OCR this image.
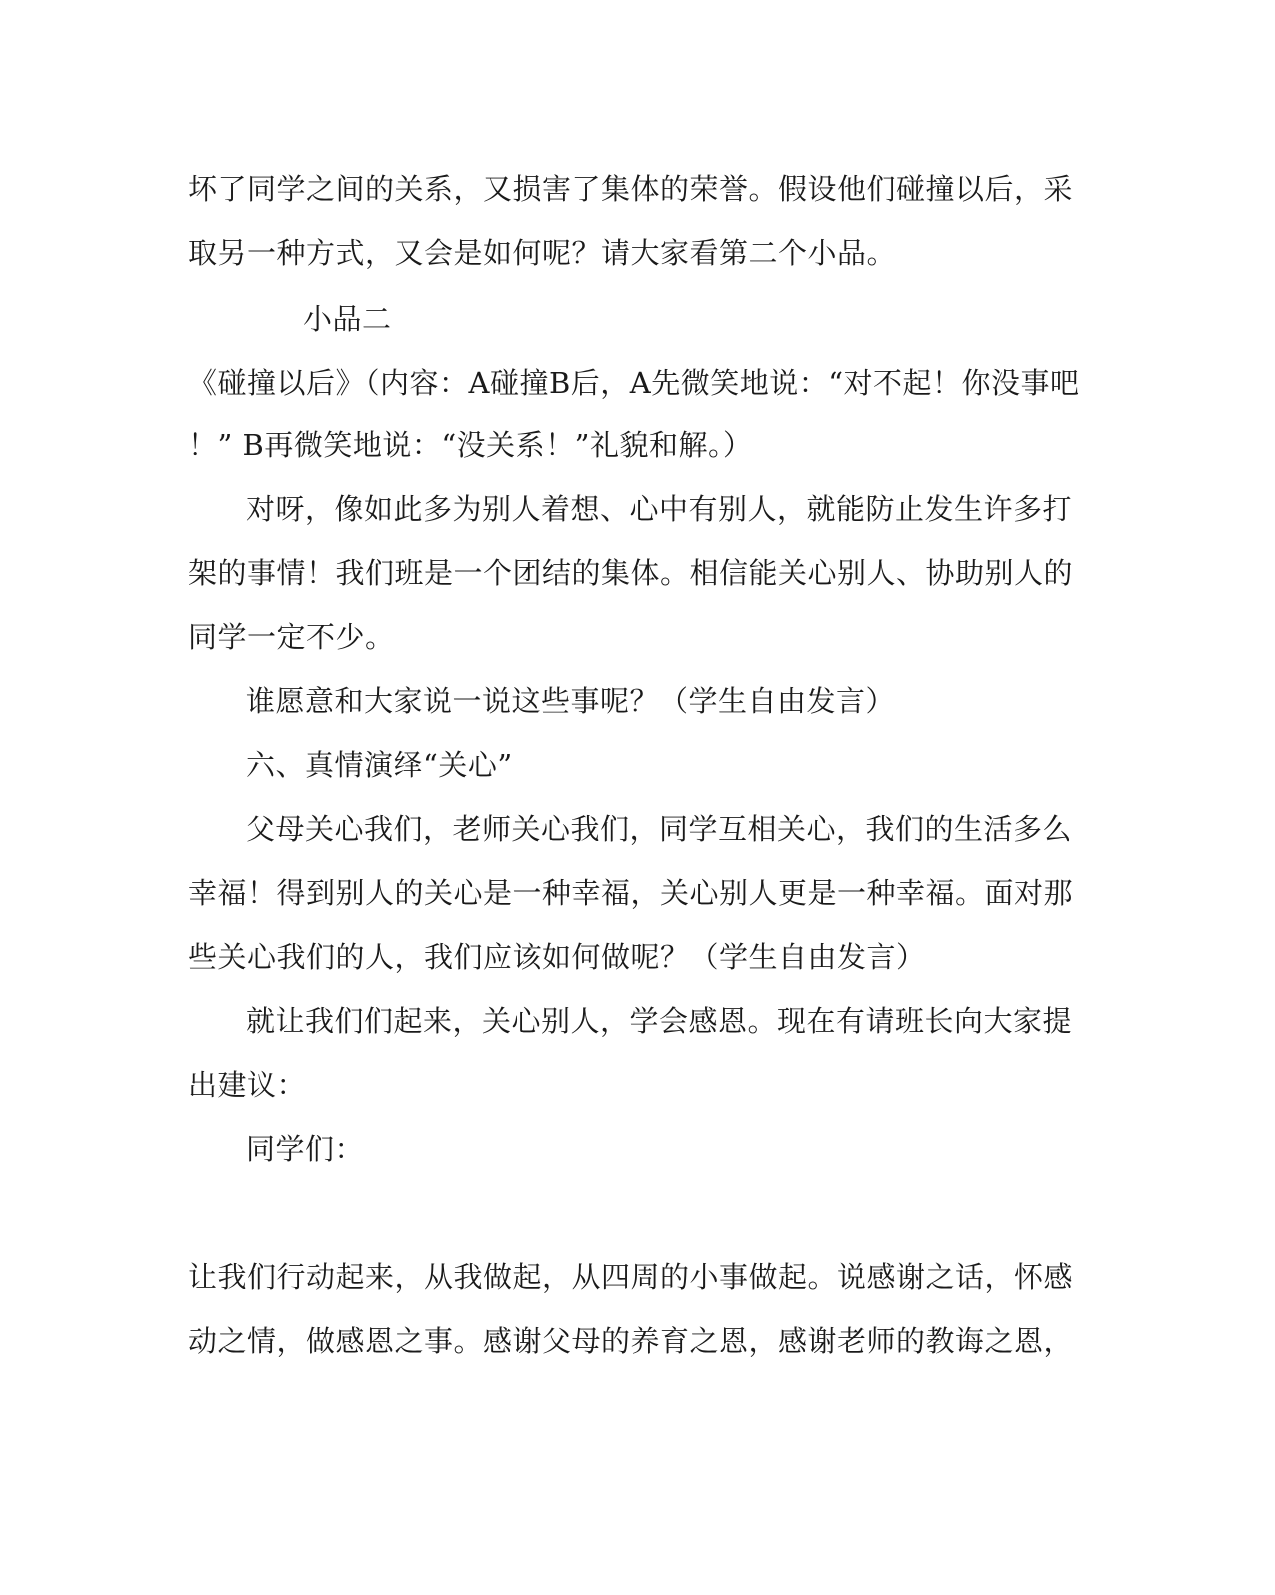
坏了同学之间的关系，又损害了集体的荣誉。假设他们碰撞以后，采
取另一种方式，又会是如何呢？请大家看第二个小品。
小品二
《碰撞以后》（内容：A碰撞B后，A先微笑地说：“对不起！你没事吧
！” B再微笑地说：“没关系！”礼貌和解。）
对呀，像如此多为别人着想、心中有别人，就能防止发生许多打
架的事情！我们班是一个团结的集体。相信能关心别人、协助别人的
同学一定不少。
谁愿意和大家说一说这些事呢？（学生自由发言）
六、真情演绎“关心”
父母关心我们，老师关心我们，同学互相关心，我们的生活多么
幸福！得到别人的关心是一种幸福，关心别人更是一种幸福。面对那
些关心我们的人，我们应该如何做呢？（学生自由发言）
就让我们们起来，关心别人，学会感恩。现在有请班长向大家提
出建议：
同学们：
让我们行动起来，从我做起，从四周的小事做起。说感谢之话，怀感
动之情，做感恩之事。感谢父母的养育之恩，感谢老师的教诲之恩，
